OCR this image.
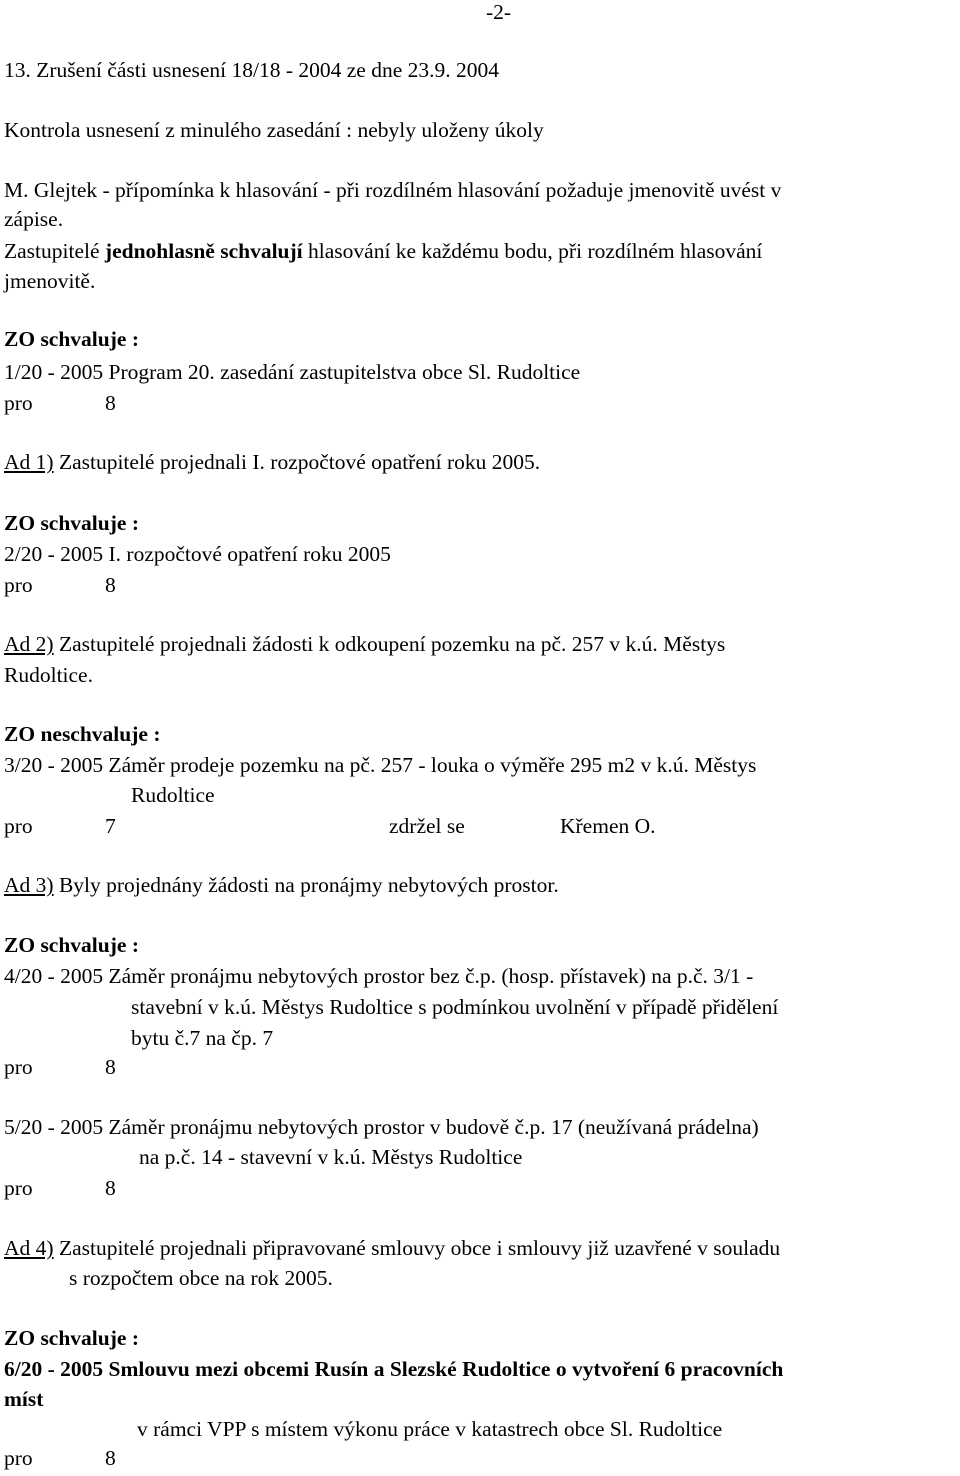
-2-
13. Zrušení části usnesení 18/18 - 2004 ze dne 23.9. 2004
Kontrola usnesení z minulého zasedání : nebyly uloženy úkoly
M. Glejtek - přípomínka k hlasování - při rozdílném hlasování požaduje jmenovitě uvést v
zápise.
Zastupitelé jednohlasně schvalují hlasování ke každému bodu, při rozdílném hlasování
jmenovitě.
ZO schvaluje :
1/20 - 2005 Program 20. zasedání zastupitelstva obce Sl. Rudoltice
pro	8
Ad 1) Zastupitelé projednali I. rozpočtové opatření roku 2005.
ZO schvaluje :
2/20 - 2005 I. rozpočtové opatření roku 2005
pro	8
Ad 2) Zastupitelé projednali žádosti k odkoupení pozemku na pč. 257 v k.ú. Městys
Rudoltice.
ZO neschvaluje :
3/20 - 2005 Záměr prodeje pozemku na pč. 257 - louka o výměře 295 m2 v k.ú. Městys
Rudoltice
pro	7	zdržel se	Křemen O.
Ad 3) Byly projednány žádosti na pronájmy nebytových prostor.
ZO schvaluje :
4/20 - 2005 Záměr pronájmu nebytových prostor bez č.p. (hosp. přístavek) na p.č. 3/1 -
stavební v k.ú. Městys Rudoltice s podmínkou uvolnění v případě přidělení
bytu č.7 na čp. 7
pro	8
5/20 - 2005 Záměr pronájmu nebytových prostor v budově č.p. 17 (neužívaná prádelna)
na p.č. 14 - stavevní v k.ú. Městys Rudoltice
pro	8
Ad 4) Zastupitelé projednali připravované smlouvy obce i smlouvy již uzavřené v souladu
s rozpočtem obce na rok 2005.
ZO schvaluje :
6/20 - 2005 Smlouvu mezi obcemi Rusín a Slezské Rudoltice o vytvoření 6 pracovních
míst
v rámci VPP s místem výkonu práce v katastrech obce Sl. Rudoltice
pro	8
